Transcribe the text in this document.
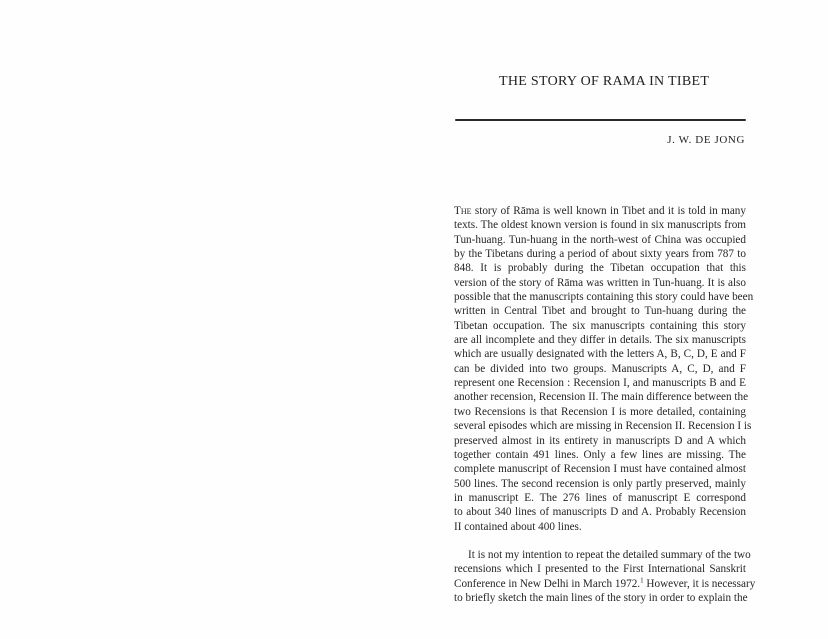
THE STORY OF RAMA IN TIBET
J. W. DE JONG

The story of Rāma is well known in Tibet and it is told in many
texts. The oldest known version is found in six manuscripts from
Tun-huang. Tun-huang in the north-west of China was occupied
by the Tibetans during a period of about sixty years from 787 to
848. It is probably during the Tibetan occupation that this
version of the story of Rāma was written in Tun-huang. It is also
possible that the manuscripts containing this story could have been
written in Central Tibet and brought to Tun-huang during the
Tibetan occupation. The six manuscripts containing this story
are all incomplete and they differ in details. The six manuscripts
which are usually designated with the letters A, B, C, D, E and F
can be divided into two groups. Manuscripts A, C, D, and F
represent one Recension : Recension I, and manuscripts B and E
another recension, Recension II. The main difference between the
two Recensions is that Recension I is more detailed, containing
several episodes which are missing in Recension II. Recension I is
preserved almost in its entirety in manuscripts D and A which
together contain 491 lines. Only a few lines are missing. The
complete manuscript of Recension I must have contained almost
500 lines. The second recension is only partly preserved, mainly
in manuscript E. The 276 lines of manuscript E correspond
to about 340 lines of manuscripts D and A. Probably Recension
II contained about 400 lines.

It is not my intention to repeat the detailed summary of the two
recensions which I presented to the First International Sanskrit
Conference in New Delhi in March 1972.$^1$ However, it is necessary
to briefly sketch the main lines of the story in order to explain the
